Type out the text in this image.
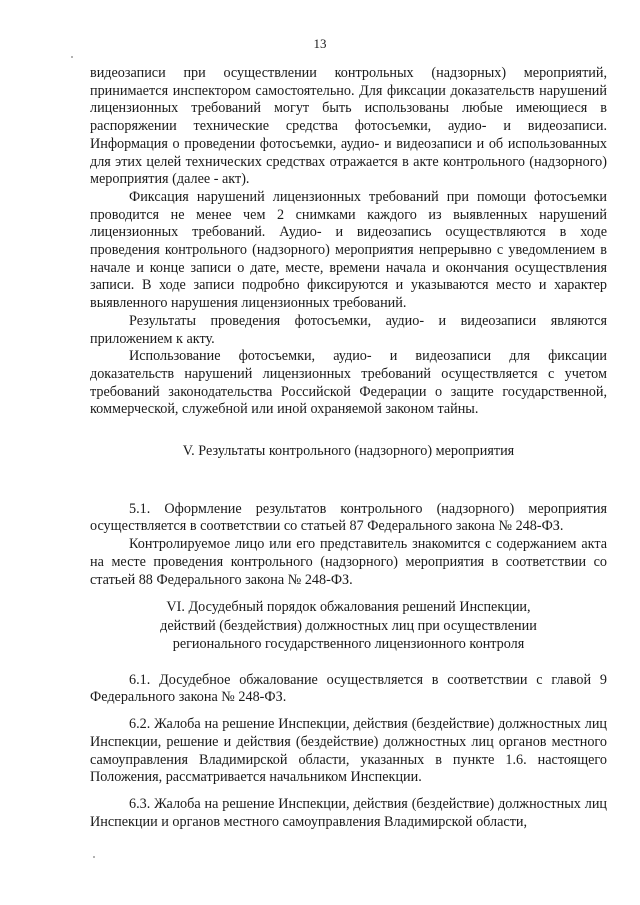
13

видеозаписи при осуществлении контрольных (надзорных) мероприятий, принимается инспектором самостоятельно. Для фиксации доказательств нарушений лицензионных требований могут быть использованы любые имеющиеся в распоряжении технические средства фотосъемки, аудио- и видеозаписи. Информация о проведении фотосъемки, аудио- и видеозаписи и об использованных для этих целей технических средствах отражается в акте контрольного (надзорного) мероприятия (далее - акт).

Фиксация нарушений лицензионных требований при помощи фотосъемки проводится не менее чем 2 снимками каждого из выявленных нарушений лицензионных требований. Аудио- и видеозапись осуществляются в ходе проведения контрольного (надзорного) мероприятия непрерывно с уведомлением в начале и конце записи о дате, месте, времени начала и окончания осуществления записи. В ходе записи подробно фиксируются и указываются место и характер выявленного нарушения лицензионных требований.

Результаты проведения фотосъемки, аудио- и видеозаписи являются приложением к акту.

Использование фотосъемки, аудио- и видеозаписи для фиксации доказательств нарушений лицензионных требований осуществляется с учетом требований законодательства Российской Федерации о защите государственной, коммерческой, служебной или иной охраняемой законом тайны.

V. Результаты контрольного (надзорного) мероприятия

5.1. Оформление результатов контрольного (надзорного) мероприятия осуществляется в соответствии со статьей 87 Федерального закона № 248-ФЗ.

Контролируемое лицо или его представитель знакомится с содержанием акта на месте проведения контрольного (надзорного) мероприятия в соответствии со статьей 88 Федерального закона № 248-ФЗ.

VI. Досудебный порядок обжалования решений Инспекции,
действий (бездействия) должностных лиц при осуществлении
регионального государственного лицензионного контроля

6.1. Досудебное обжалование осуществляется в соответствии с главой 9 Федерального закона № 248-ФЗ.

6.2. Жалоба на решение Инспекции, действия (бездействие) должностных лиц Инспекции, решение и действия (бездействие) должностных лиц органов местного самоуправления Владимирской области, указанных в пункте 1.6. настоящего Положения, рассматривается начальником Инспекции.

6.3. Жалоба на решение Инспекции, действия (бездействие) должностных лиц Инспекции и органов местного самоуправления Владимирской области,
